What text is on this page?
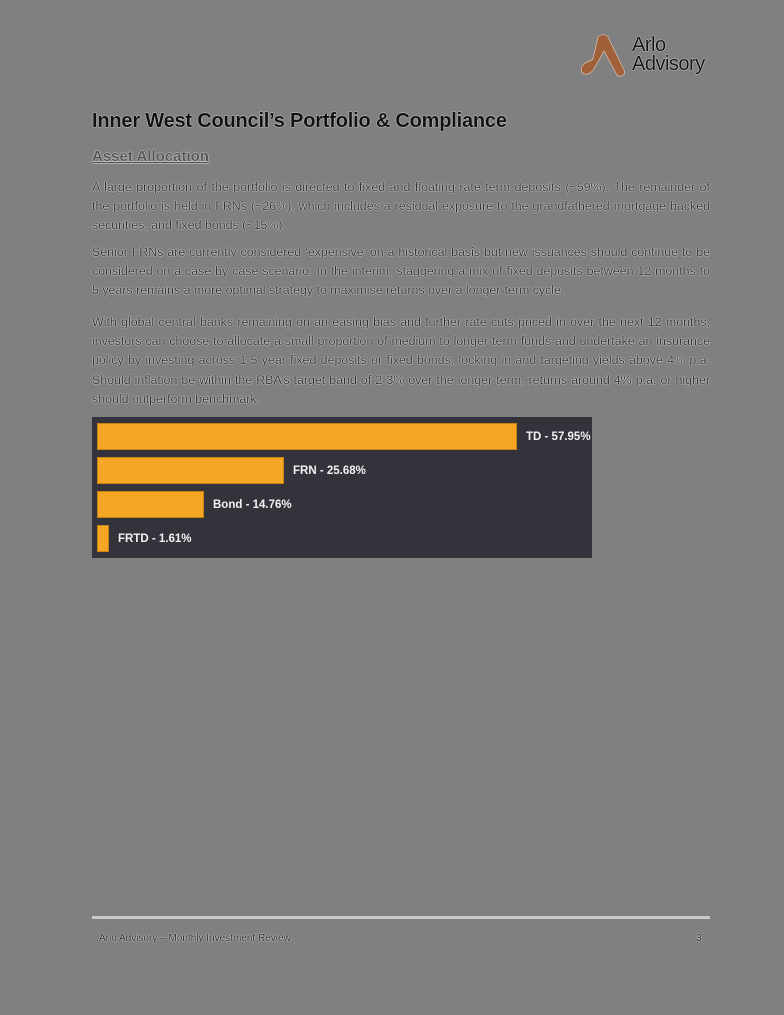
Arlo
Advisory
Inner West Council’s Portfolio & Compliance
Asset Allocation
A large proportion of the portfolio is directed to fixed and floating rate term deposits (~59%). The remainder of the portfolio is held in FRNs (~26%), which includes a residual exposure to the grandfathered mortgage backed securities, and fixed bonds (~15%).
Senior FRNs are currently considered ‘expensive’ on a historical basis but new issuances should continue to be considered on a case by case scenario. In the interim, staggering a mix of fixed deposits between 12 months to 5 years remains a more optimal strategy to maximise returns over a longer-term cycle.
With global central banks remaining on an easing bias and further rate cuts priced in over the next 12 months, investors can choose to allocate a small proportion of medium to longer-term funds and undertake an insurance policy by investing across 1-5 year fixed deposits or fixed bonds, locking in and targeting yields above 4% p.a. Should inflation be within the RBA’s target band of 2-3% over the longer-term, returns around 4% p.a. or higher should outperform benchmark.
TD - 57.95%
FRN - 25.68%
Bond - 14.76%
FRTD - 1.61%
Arlo Advisory – Monthly Investment Review	3
